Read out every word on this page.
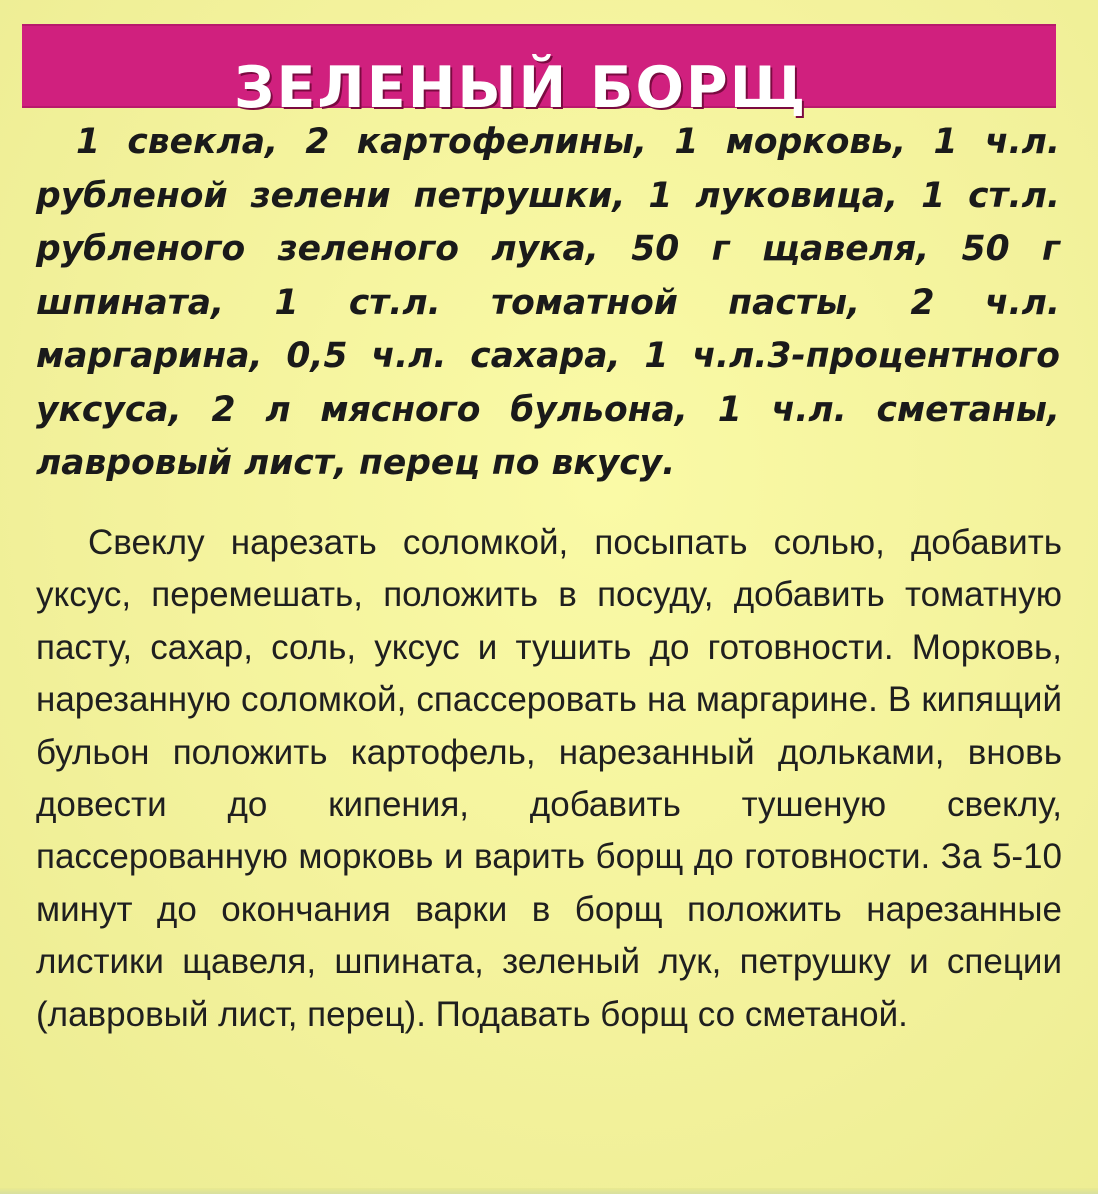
ЗЕЛЕНЫЙ БОРЩ

1 свекла, 2 картофелины, 1 морковь, 1 ч.л. рубленой зелени петрушки, 1 луковица, 1 ст.л. рубленого зеленого лука, 50 г щавеля, 50 г шпината, 1 ст.л. томатной пасты, 2 ч.л. маргарина, 0,5 ч.л. сахара, 1 ч.л.3-процентного уксуса, 2 л мясного бульона, 1 ч.л. сметаны, лавровый лист, перец по вкусу.

Свеклу нарезать соломкой, посыпать солью, добавить уксус, перемешать, положить в посуду, добавить томатную пасту, сахар, соль, уксус и тушить до готовности. Морковь, нарезанную соломкой, спассеровать на маргарине. В кипящий бульон положить картофель, нарезанный дольками, вновь довести до кипения, добавить тушеную свеклу, пассерованную морковь и варить борщ до готовности. За 5-10 минут до окончания варки в борщ положить нарезанные листики щавеля, шпината, зеленый лук, петрушку и специи (лавровый лист, перец). Подавать борщ со сметаной.
